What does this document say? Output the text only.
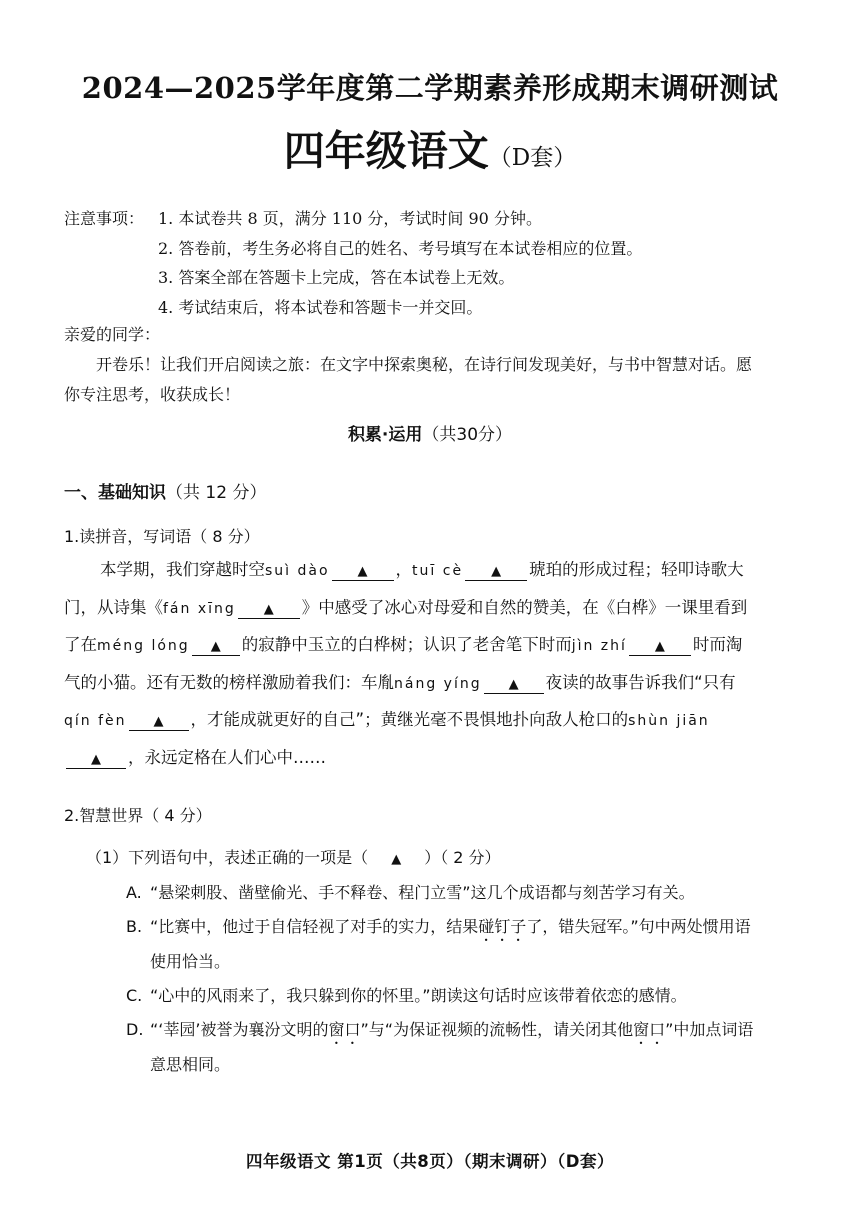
2024—2025学年度第二学期素养形成期末调研测试
四年级语文（D套）
注意事项： 1. 本试卷共 8 页，满分 110 分，考试时间 90 分钟。
2. 答卷前，考生务必将自己的姓名、考号填写在本试卷相应的位置。
3. 答案全部在答题卡上完成，答在本试卷上无效。
4. 考试结束后，将本试卷和答题卡一并交回。
亲爱的同学：
开卷乐！让我们开启阅读之旅：在文字中探索奥秘，在诗行间发现美好，与书中智慧对话。愿你专注思考，收获成长！
积累·运用（共30分）
一、基础知识（共 12 分）
1.读拼音，写词语（ 8 分）
本学期，我们穿越时空suì dào ▲ ，tuī cè ▲ 琥珀的形成过程；轻叩诗歌大门，从诗集《fán xīng ▲ 》中感受了冰心对母爱和自然的赞美，在《白桦》一课里看到了在méng lóng ▲ 的寂静中玉立的白桦树；认识了老舍笔下时而jìn zhí ▲ 时而淘气的小猫。还有无数的榜样激励着我们：车胤náng yíng ▲ 夜读的故事告诉我们“只有qín fèn ▲ ，才能成就更好的自己”；黄继光毫不畏惧地扑向敌人枪口的shùn jiān▲ ，永远定格在人们心中……
2.智慧世界（ 4 分）
（1）下列语句中，表述正确的一项是（ ▲ ）（ 2 分）
A. “悬梁刺股、凿壁偷光、手不释卷、程门立雪”这几个成语都与刻苦学习有关。
B. “比赛中，他过于自信轻视了对手的实力，结果碰钉子了，错失冠军。”句中两处惯用语使用恰当。
C. “心中的风雨来了，我只躲到你的怀里。”朗读这句话时应该带着依恋的感情。
D. “‘莘园’被誉为襄汾文明的窗口”与“为保证视频的流畅性，请关闭其他窗口”中加点词语意思相同。
四年级语文 第1页（共8页）（期末调研）（D套）
